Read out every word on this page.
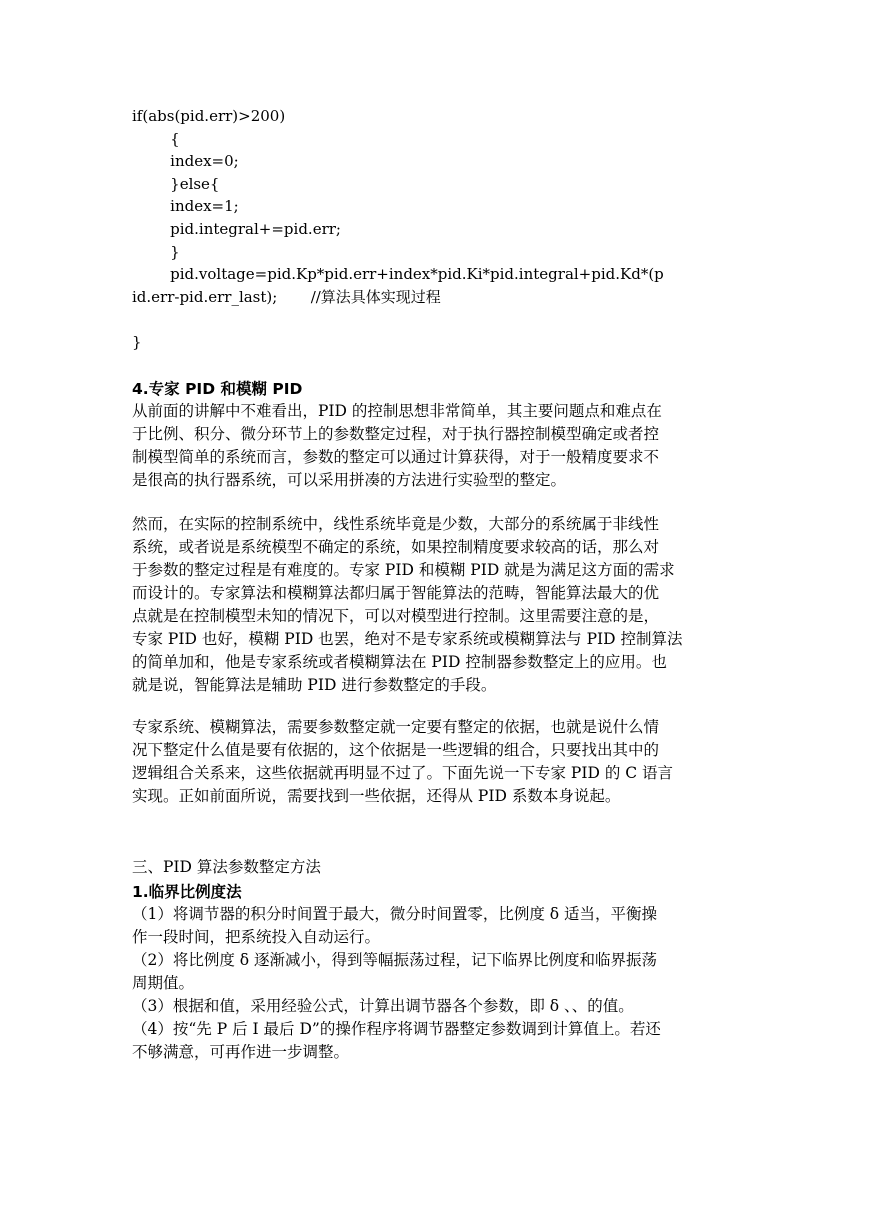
if(abs(pid.err)>200)
{
index=0;
}else{
index=1;
pid.integral+=pid.err;
}
pid.voltage=pid.Kp*pid.err+index*pid.Ki*pid.integral+pid.Kd*(p
id.err-pid.err_last);       //算法具体实现过程
}
4.专家 PID 和模糊 PID
从前面的讲解中不难看出，PID 的控制思想非常简单，其主要问题点和难点在
于比例、积分、微分环节上的参数整定过程，对于执行器控制模型确定或者控
制模型简单的系统而言，参数的整定可以通过计算获得，对于一般精度要求不
是很高的执行器系统，可以采用拼凑的方法进行实验型的整定。
然而，在实际的控制系统中，线性系统毕竟是少数，大部分的系统属于非线性
系统，或者说是系统模型不确定的系统，如果控制精度要求较高的话，那么对
于参数的整定过程是有难度的。专家 PID 和模糊 PID 就是为满足这方面的需求
而设计的。专家算法和模糊算法都归属于智能算法的范畴，智能算法最大的优
点就是在控制模型未知的情况下，可以对模型进行控制。这里需要注意的是，
专家 PID 也好，模糊 PID 也罢，绝对不是专家系统或模糊算法与 PID 控制算法
的简单加和，他是专家系统或者模糊算法在 PID 控制器参数整定上的应用。也
就是说，智能算法是辅助 PID 进行参数整定的手段。
专家系统、模糊算法，需要参数整定就一定要有整定的依据，也就是说什么情
况下整定什么值是要有依据的，这个依据是一些逻辑的组合，只要找出其中的
逻辑组合关系来，这些依据就再明显不过了。下面先说一下专家 PID 的 C 语言
实现。正如前面所说，需要找到一些依据，还得从 PID 系数本身说起。
三、PID 算法参数整定方法
1.临界比例度法
（1）将调节器的积分时间置于最大，微分时间置零，比例度 δ 适当，平衡操
作一段时间，把系统投入自动运行。
（2）将比例度 δ 逐渐减小，得到等幅振荡过程，记下临界比例度和临界振荡
周期值。
（3）根据和值，采用经验公式，计算出调节器各个参数，即 δ 、、的值。
（4）按“先 P 后 I 最后 D”的操作程序将调节器整定参数调到计算值上。若还
不够满意，可再作进一步调整。
